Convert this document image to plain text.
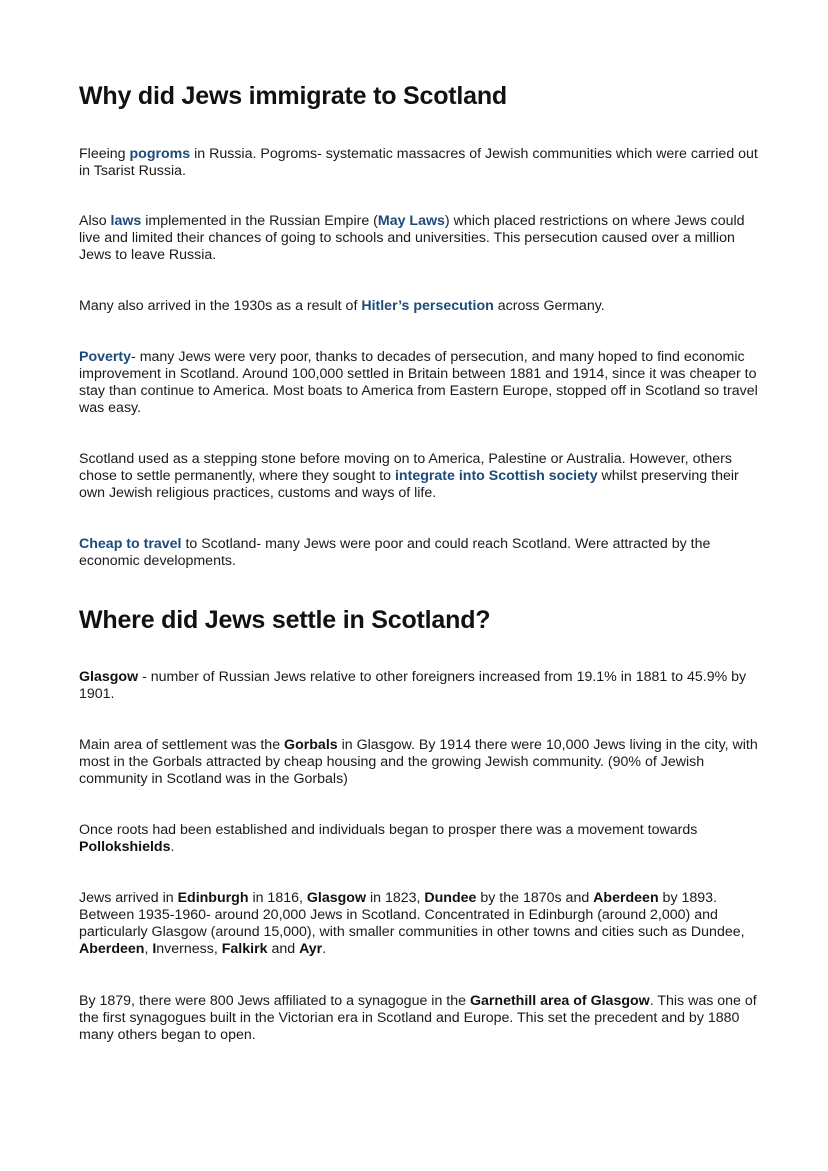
Why did Jews immigrate to Scotland

Fleeing pogroms in Russia. Pogroms- systematic massacres of Jewish communities which were carried out in Tsarist Russia.

Also laws implemented in the Russian Empire (May Laws) which placed restrictions on where Jews could live and limited their chances of going to schools and universities. This persecution caused over a million Jews to leave Russia.

Many also arrived in the 1930s as a result of Hitler’s persecution across Germany.

Poverty- many Jews were very poor, thanks to decades of persecution, and many hoped to find economic improvement in Scotland. Around 100,000 settled in Britain between 1881 and 1914, since it was cheaper to stay than continue to America. Most boats to America from Eastern Europe, stopped off in Scotland so travel was easy.

Scotland used as a stepping stone before moving on to America, Palestine or Australia. However, others chose to settle permanently, where they sought to integrate into Scottish society whilst preserving their own Jewish religious practices, customs and ways of life.

Cheap to travel to Scotland- many Jews were poor and could reach Scotland. Were attracted by the economic developments.

Where did Jews settle in Scotland?

Glasgow - number of Russian Jews relative to other foreigners increased from 19.1% in 1881 to 45.9% by 1901.

Main area of settlement was the Gorbals in Glasgow. By 1914 there were 10,000 Jews living in the city, with most in the Gorbals attracted by cheap housing and the growing Jewish community. (90% of Jewish community in Scotland was in the Gorbals)

Once roots had been established and individuals began to prosper there was a movement towards Pollokshields.

Jews arrived in Edinburgh in 1816, Glasgow in 1823, Dundee by the 1870s and Aberdeen by 1893. Between 1935-1960- around 20,000 Jews in Scotland. Concentrated in Edinburgh (around 2,000) and particularly Glasgow (around 15,000), with smaller communities in other towns and cities such as Dundee, Aberdeen, Inverness, Falkirk and Ayr.

By 1879, there were 800 Jews affiliated to a synagogue in the Garnethill area of Glasgow. This was one of the first synagogues built in the Victorian era in Scotland and Europe. This set the precedent and by 1880 many others began to open.
